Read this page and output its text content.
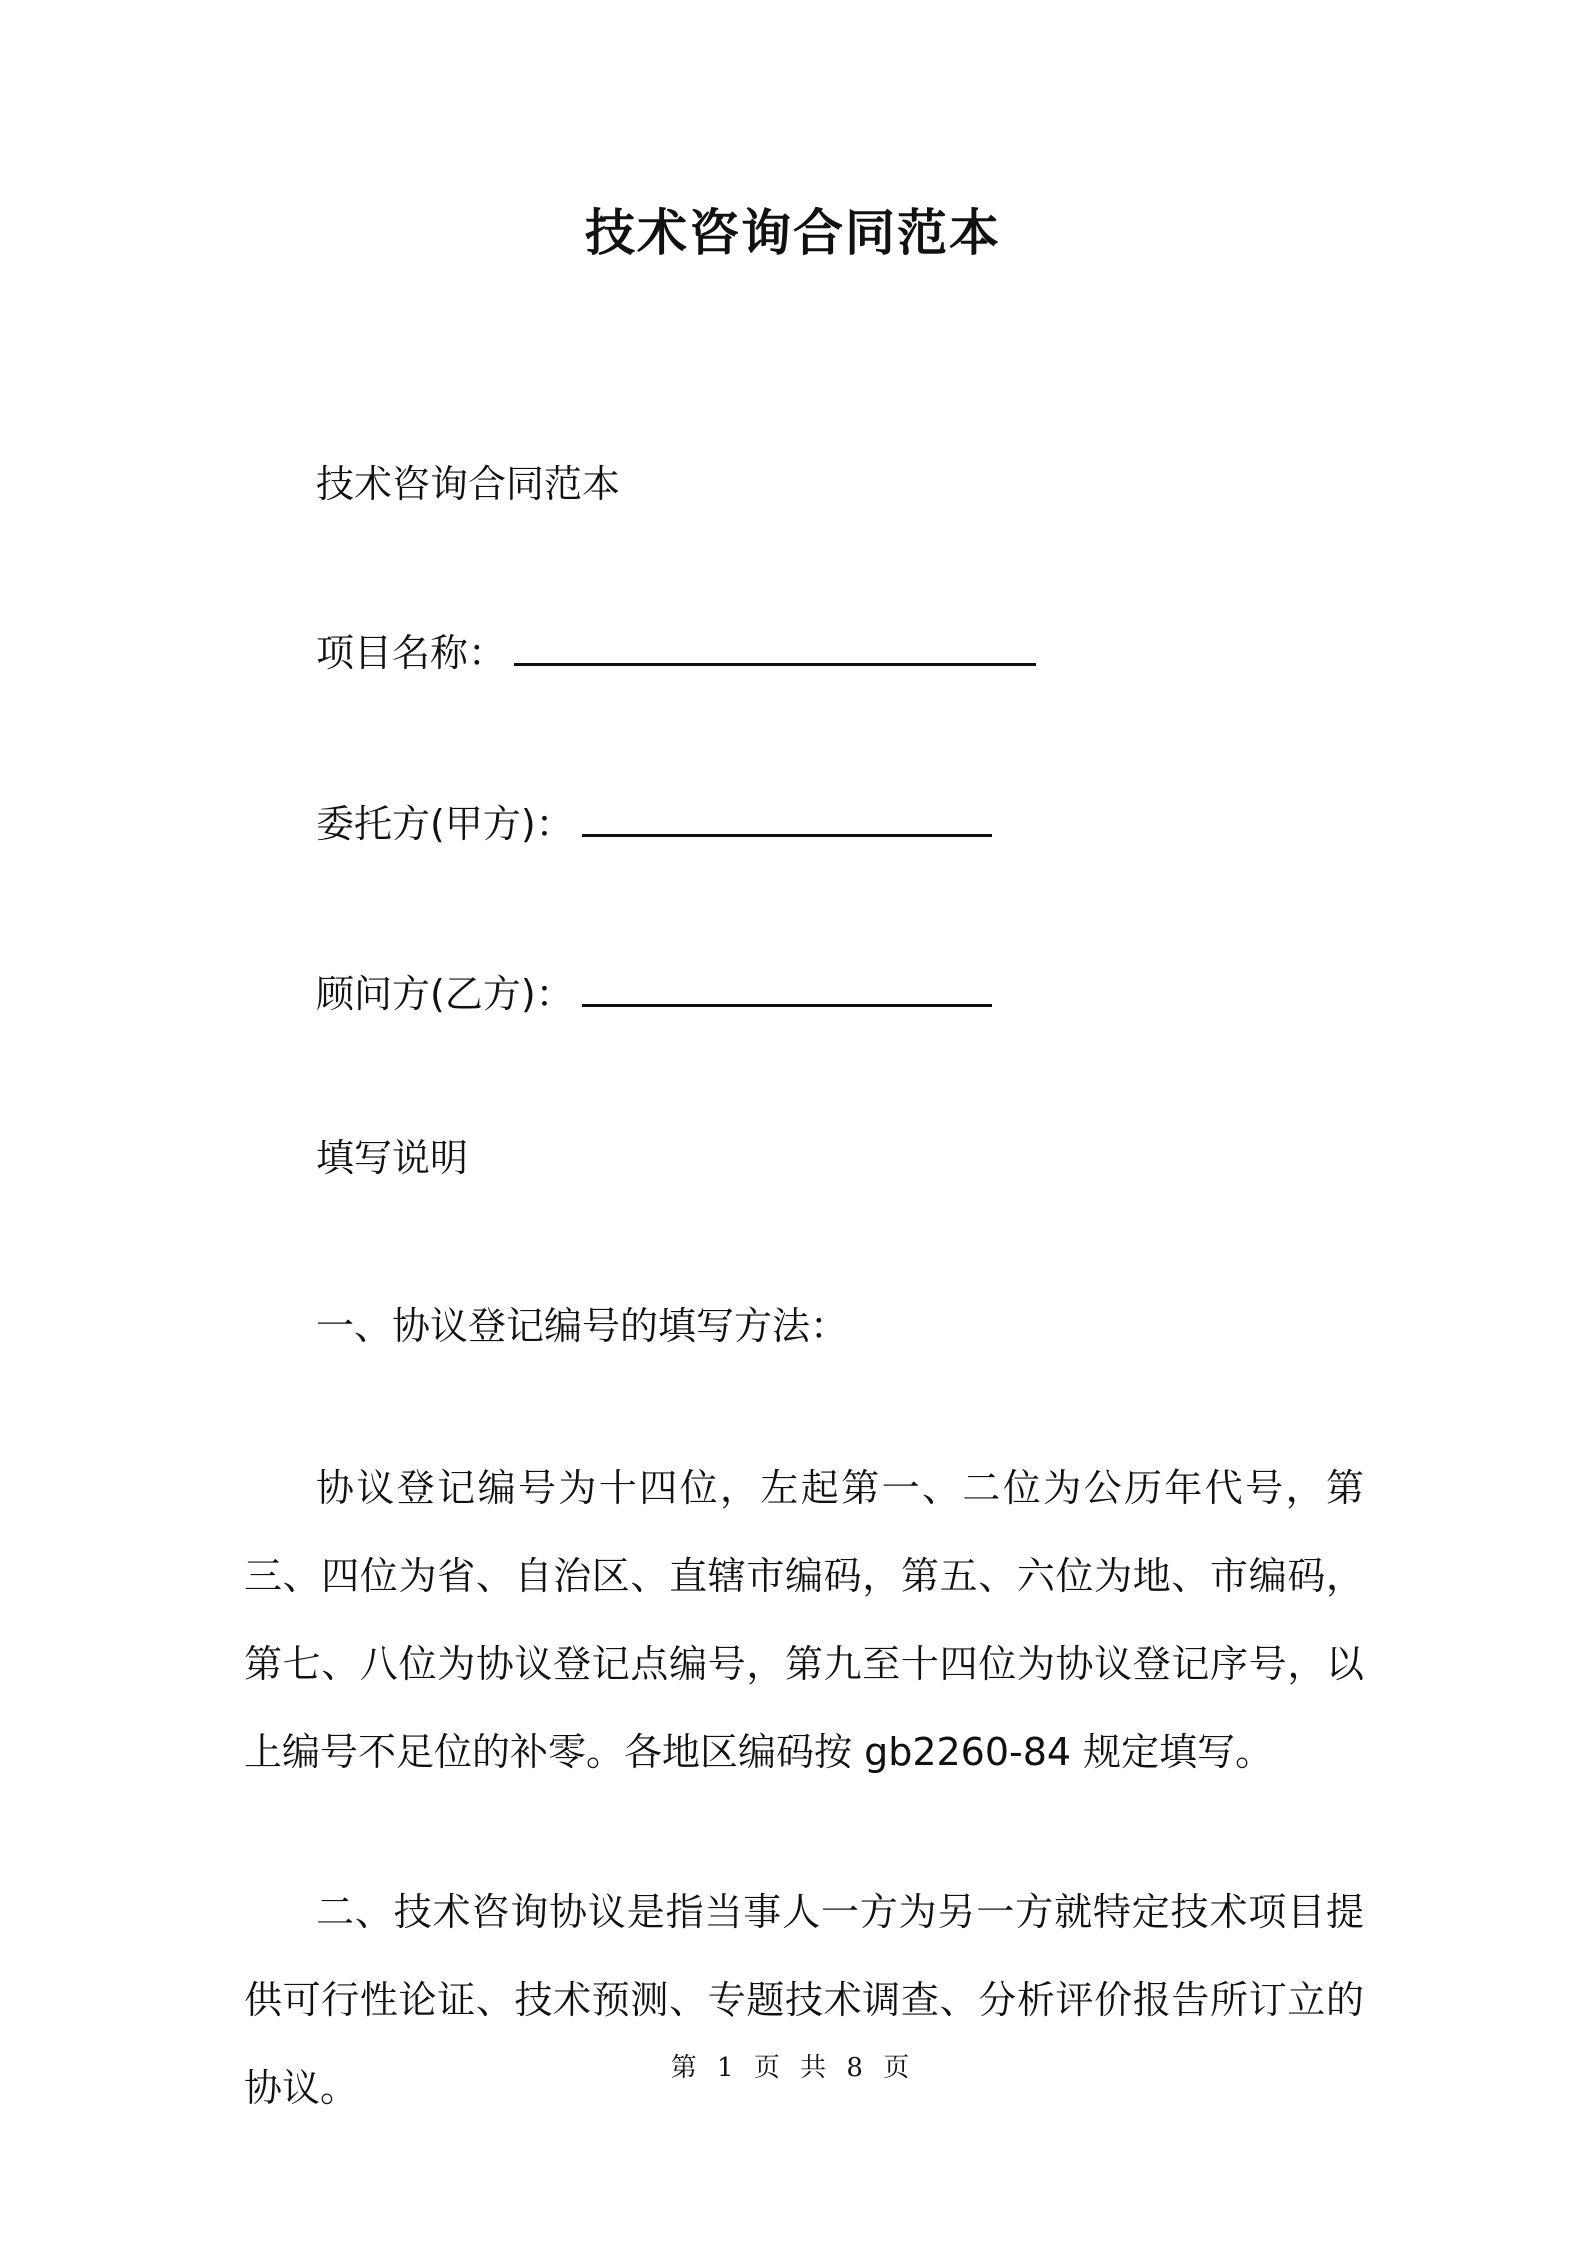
技术咨询合同范本
技术咨询合同范本
项目名称：
委托方(甲方)：
顾问方(乙方)：
填写说明
一、协议登记编号的填写方法：

协议登记编号为十四位，左起第一、二位为公历年代号，第三、四位为省、自治区、直辖市编码，第五、六位为地、市编码，第七、八位为协议登记点编号，第九至十四位为协议登记序号，以上编号不足位的补零。各地区编码按 gb2260-84 规定填写。

二、技术咨询协议是指当事人一方为另一方就特定技术项目提供可行性论证、技术预测、专题技术调查、分析评价报告所订立的协议。	第 1 页 共 8 页
